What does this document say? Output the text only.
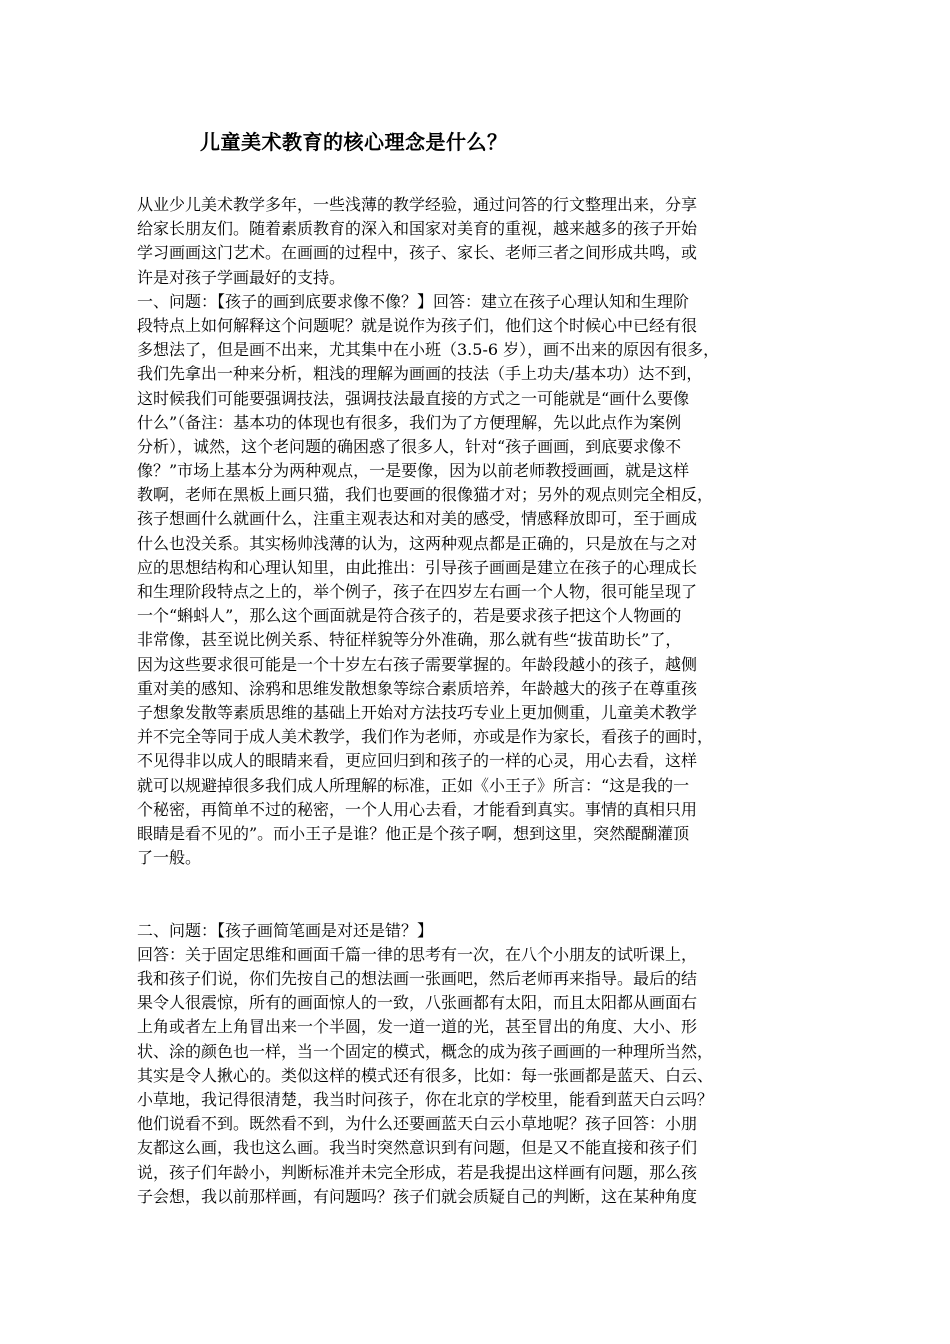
儿童美术教育的核心理念是什么？
从业少儿美术教学多年，一些浅薄的教学经验，通过问答的行文整理出来，分享
给家长朋友们。随着素质教育的深入和国家对美育的重视，越来越多的孩子开始
学习画画这门艺术。在画画的过程中，孩子、家长、老师三者之间形成共鸣，或
许是对孩子学画最好的支持。
一、问题：【孩子的画到底要求像不像？】回答：建立在孩子心理认知和生理阶
段特点上如何解释这个问题呢？就是说作为孩子们，他们这个时候心中已经有很
多想法了，但是画不出来，尤其集中在小班（3.5-6 岁），画不出来的原因有很多，
我们先拿出一种来分析，粗浅的理解为画画的技法（手上功夫/基本功）达不到，
这时候我们可能要强调技法，强调技法最直接的方式之一可能就是“画什么要像
什么”（备注：基本功的体现也有很多，我们为了方便理解，先以此点作为案例
分析），诚然，这个老问题的确困惑了很多人，针对“孩子画画，到底要求像不
像？”市场上基本分为两种观点，一是要像，因为以前老师教授画画，就是这样
教啊，老师在黑板上画只猫，我们也要画的很像猫才对；另外的观点则完全相反，
孩子想画什么就画什么，注重主观表达和对美的感受，情感释放即可，至于画成
什么也没关系。其实杨帅浅薄的认为，这两种观点都是正确的，只是放在与之对
应的思想结构和心理认知里，由此推出：引导孩子画画是建立在孩子的心理成长
和生理阶段特点之上的，举个例子，孩子在四岁左右画一个人物，很可能呈现了
一个“蝌蚪人”，那么这个画面就是符合孩子的，若是要求孩子把这个人物画的
非常像，甚至说比例关系、特征样貌等分外准确，那么就有些“拔苗助长”了，
因为这些要求很可能是一个十岁左右孩子需要掌握的。年龄段越小的孩子，越侧
重对美的感知、涂鸦和思维发散想象等综合素质培养，年龄越大的孩子在尊重孩
子想象发散等素质思维的基础上开始对方法技巧专业上更加侧重，儿童美术教学
并不完全等同于成人美术教学，我们作为老师，亦或是作为家长，看孩子的画时，
不见得非以成人的眼睛来看，更应回归到和孩子的一样的心灵，用心去看，这样
就可以规避掉很多我们成人所理解的标准，正如《小王子》所言：“这是我的一
个秘密，再简单不过的秘密，一个人用心去看，才能看到真实。事情的真相只用
眼睛是看不见的”。而小王子是谁？他正是个孩子啊，想到这里，突然醍醐灌顶
了一般。
二、问题：【孩子画简笔画是对还是错？】
回答：关于固定思维和画面千篇一律的思考有一次，在八个小朋友的试听课上，
我和孩子们说，你们先按自己的想法画一张画吧，然后老师再来指导。最后的结
果令人很震惊，所有的画面惊人的一致，八张画都有太阳，而且太阳都从画面右
上角或者左上角冒出来一个半圆，发一道一道的光，甚至冒出的角度、大小、形
状、涂的颜色也一样，当一个固定的模式，概念的成为孩子画画的一种理所当然，
其实是令人揪心的。类似这样的模式还有很多，比如：每一张画都是蓝天、白云、
小草地，我记得很清楚，我当时问孩子，你在北京的学校里，能看到蓝天白云吗？
他们说看不到。既然看不到，为什么还要画蓝天白云小草地呢？孩子回答：小朋
友都这么画，我也这么画。我当时突然意识到有问题，但是又不能直接和孩子们
说，孩子们年龄小，判断标准并未完全形成，若是我提出这样画有问题，那么孩
子会想，我以前那样画，有问题吗？孩子们就会质疑自己的判断，这在某种角度
